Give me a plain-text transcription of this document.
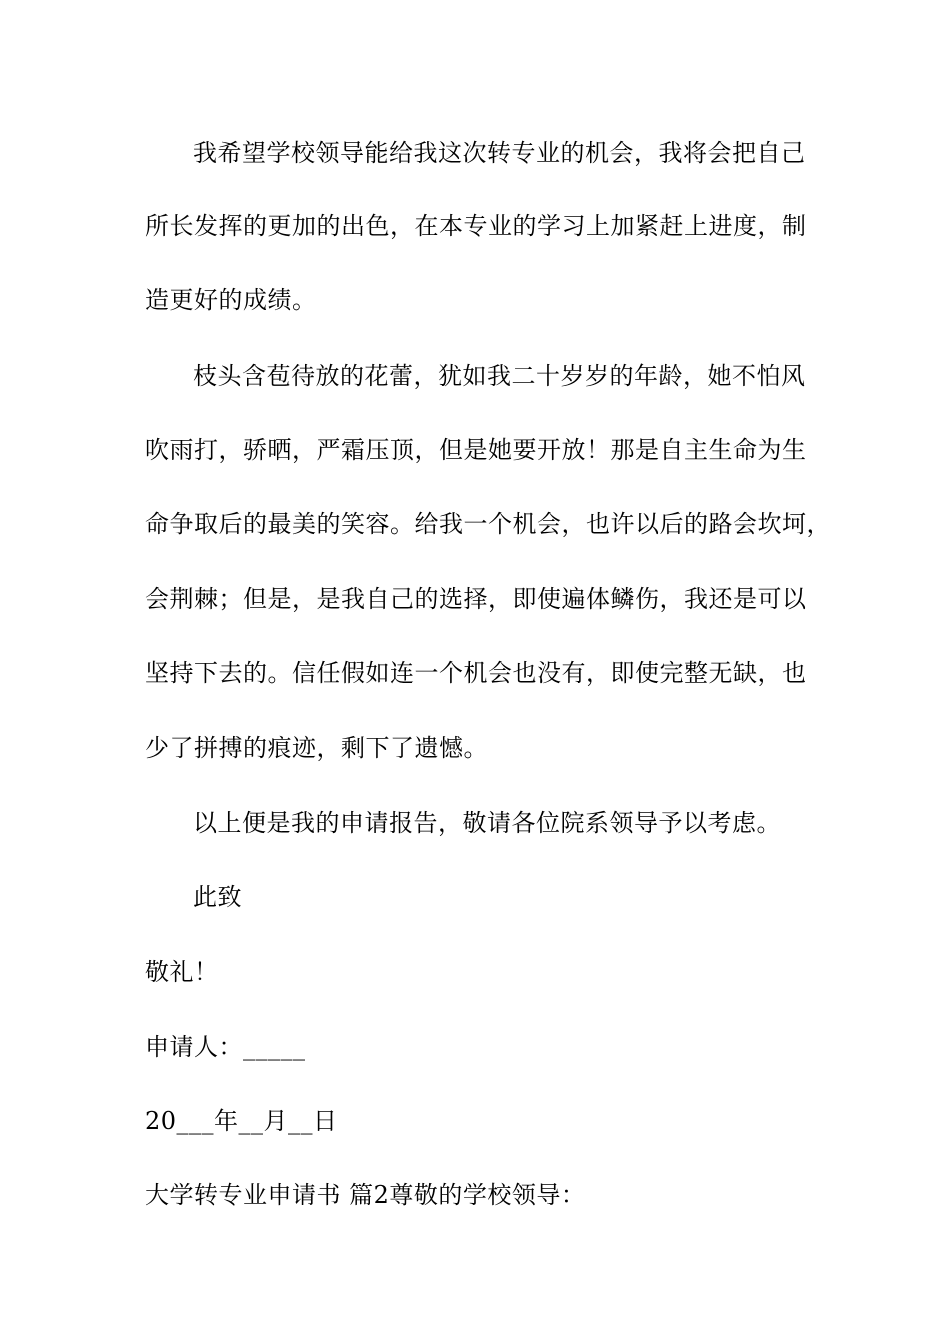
我希望学校领导能给我这次转专业的机会，我将会把自己
所长发挥的更加的出色，在本专业的学习上加紧赶上进度，制
造更好的成绩。
枝头含苞待放的花蕾，犹如我二十岁岁的年龄，她不怕风
吹雨打，骄晒，严霜压顶，但是她要开放！那是自主生命为生
命争取后的最美的笑容。给我一个机会，也许以后的路会坎坷，
会荆棘；但是，是我自己的选择，即使遍体鳞伤，我还是可以
坚持下去的。信任假如连一个机会也没有，即使完整无缺，也
少了拼搏的痕迹，剩下了遗憾。
以上便是我的申请报告，敬请各位院系领导予以考虑。
此致
敬礼！
申请人：_____
20___年__月__日
大学转专业申请书 篇2尊敬的学校领导：
